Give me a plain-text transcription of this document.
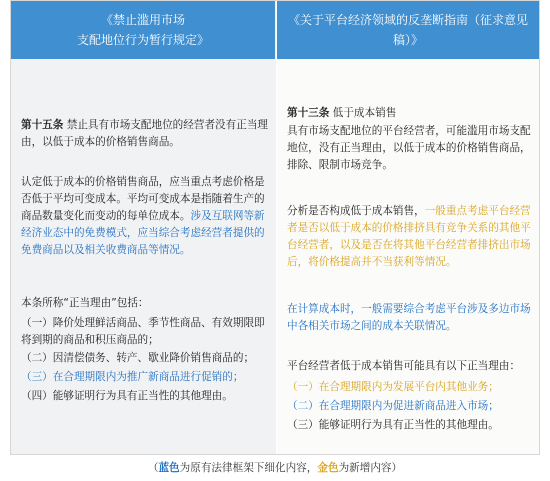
《禁止滥用市场
支配地位行为暂行规定》
《关于平台经济领域的反垄断指南（征求意见稿）》

第十五条 禁止具有市场支配地位的经营者没有正当理由，以低于成本的价格销售商品。

认定低于成本的价格销售商品，应当重点考虑价格是否低于平均可变成本。平均可变成本是指随着生产的商品数量变化而变动的每单位成本。涉及互联网等新经济业态中的免费模式，应当综合考虑经营者提供的免费商品以及相关收费商品等情况。

本条所称“正当理由”包括：

（一）降价处理鲜活商品、季节性商品、有效期限即将到期的商品和积压商品的；

（二）因清偿债务、转产、歇业降价销售商品的；

（三）在合理期限内为推广新商品进行促销的；

（四）能够证明行为具有正当性的其他理由。

第十三条 低于成本销售

具有市场支配地位的平台经营者，可能滥用市场支配地位，没有正当理由，以低于成本的价格销售商品，排除、限制市场竞争。

分析是否构成低于成本销售，一般重点考虑平台经营者是否以低于成本的价格排挤具有竞争关系的其他平台经营者，以及是否在将其他平台经营者排挤出市场后，将价格提高并不当获利等情况。

在计算成本时，一般需要综合考虑平台涉及多边市场中各相关市场之间的成本关联情况。

平台经营者低于成本销售可能具有以下正当理由：

（一）在合理期限内为发展平台内其他业务；

（二）在合理期限内为促进新商品进入市场；

（三）能够证明行为具有正当性的其他理由。

（蓝色为原有法律框架下细化内容，金色为新增内容）
